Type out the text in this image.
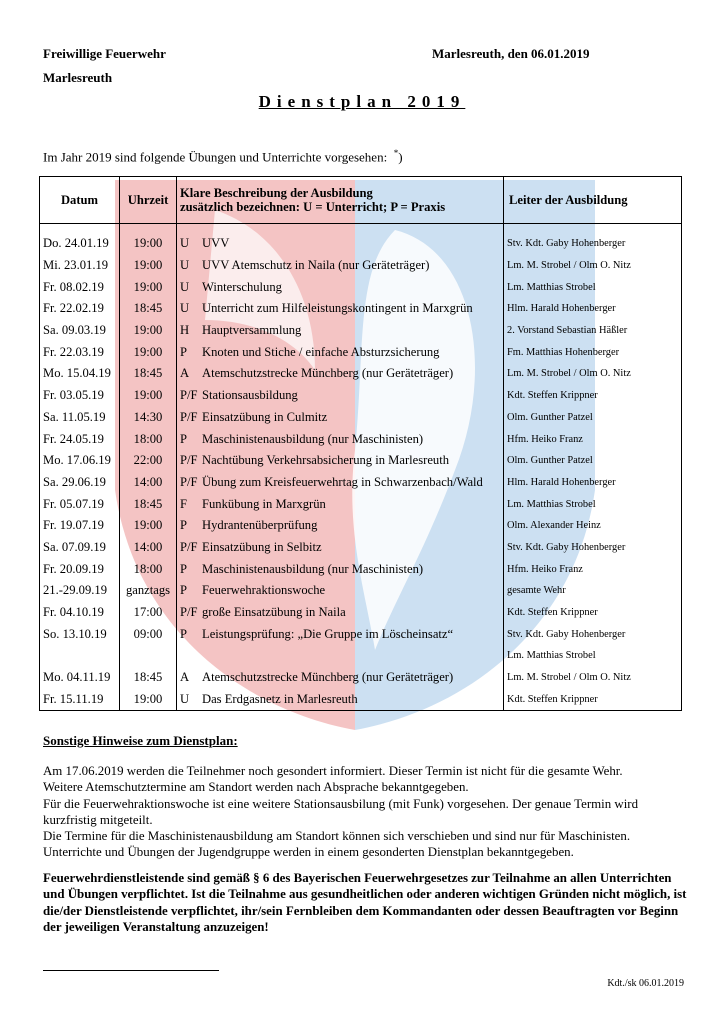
Freiwillige Feuerwehr
Marlesreuth
Marlesreuth, den 06.01.2019
Dienstplan 2019
Im Jahr 2019 sind folgende Übungen und Unterrichte vorgesehen: *)
Datum	Uhrzeit	Klare Beschreibung der Ausbildung
zusätzlich bezeichnen: U = Unterricht; P = Praxis	Leiter der Ausbildung

Do. 24.01.19	19:00	U UVV	Stv. Kdt. Gaby Hohenberger
Mi. 23.01.19	19:00	U UVV Atemschutz in Naila (nur Geräteträger)	Lm. M. Strobel / Olm O. Nitz
Fr. 08.02.19	19:00	U Winterschulung	Lm. Matthias Strobel
Fr. 22.02.19	18:45	U Unterricht zum Hilfeleistungskontingent in Marxgrün	Hlm. Harald Hohenberger
Sa. 09.03.19	19:00	H Hauptversammlung	2. Vorstand Sebastian Häßler
Fr. 22.03.19	19:00	P Knoten und Stiche / einfache Absturzsicherung	Fm. Matthias Hohenberger
Mo. 15.04.19	18:45	A Atemschutzstrecke Münchberg (nur Geräteträger)	Lm. M. Strobel / Olm O. Nitz
Fr. 03.05.19	19:00	P/F Stationsausbildung	Kdt. Steffen Krippner
Sa. 11.05.19	14:30	P/F Einsatzübung in Culmitz	Olm. Gunther Patzel
Fr. 24.05.19	18:00	P Maschinistenausbildung (nur Maschinisten)	Hfm. Heiko Franz
Mo. 17.06.19	22:00	P/F Nachtübung Verkehrsabsicherung in Marlesreuth	Olm. Gunther Patzel
Sa. 29.06.19	14:00	P/F Übung zum Kreisfeuerwehrtag in Schwarzenbach/Wald	Hlm. Harald Hohenberger
Fr. 05.07.19	18:45	F Funkübung in Marxgrün	Lm. Matthias Strobel
Fr. 19.07.19	19:00	P Hydrantenüberprüfung	Olm. Alexander Heinz
Sa. 07.09.19	14:00	P/F Einsatzübung in Selbitz	Stv. Kdt. Gaby Hohenberger
Fr. 20.09.19	18:00	P Maschinistenausbildung (nur Maschinisten)	Hfm. Heiko Franz
21.-29.09.19	ganztags	P Feuerwehraktionswoche	gesamte Wehr
Fr. 04.10.19	17:00	P/F große Einsatzübung in Naila	Kdt. Steffen Krippner
So. 13.10.19	09:00	P Leistungsprüfung: „Die Gruppe im Löscheinsatz“	Stv. Kdt. Gaby Hohenberger
			Lm. Matthias Strobel
Mo. 04.11.19	18:45	A Atemschutzstrecke Münchberg (nur Geräteträger)	Lm. M. Strobel / Olm O. Nitz
Fr. 15.11.19	19:00	U Das Erdgasnetz in Marlesreuth	Kdt. Steffen Krippner
Sonstige Hinweise zum Dienstplan:

Am 17.06.2019 werden die Teilnehmer noch gesondert informiert. Dieser Termin ist nicht für die gesamte Wehr.

Weitere Atemschutztermine am Standort werden nach Absprache bekanntgegeben.

Für die Feuerwehraktionswoche ist eine weitere Stationsausbilung (mit Funk) vorgesehen. Der genaue Termin wird kurzfristig mitgeteilt.

Die Termine für die Maschinistenausbildung am Standort können sich verschieben und sind nur für Maschinisten.

Unterrichte und Übungen der Jugendgruppe werden in einem gesonderten Dienstplan bekanntgegeben.

Feuerwehrdienstleistende sind gemäß § 6 des Bayerischen Feuerwehrgesetzes zur Teilnahme an allen Unterrichten und Übungen verpflichtet. Ist die Teilnahme aus gesundheitlichen oder anderen wichtigen Gründen nicht möglich, ist die/der Dienstleistende verpflichtet, ihr/sein Fernbleiben dem Kommandanten oder dessen Beauftragten vor Beginn der jeweiligen Veranstaltung anzuzeigen!
Kdt./sk 06.01.2019
